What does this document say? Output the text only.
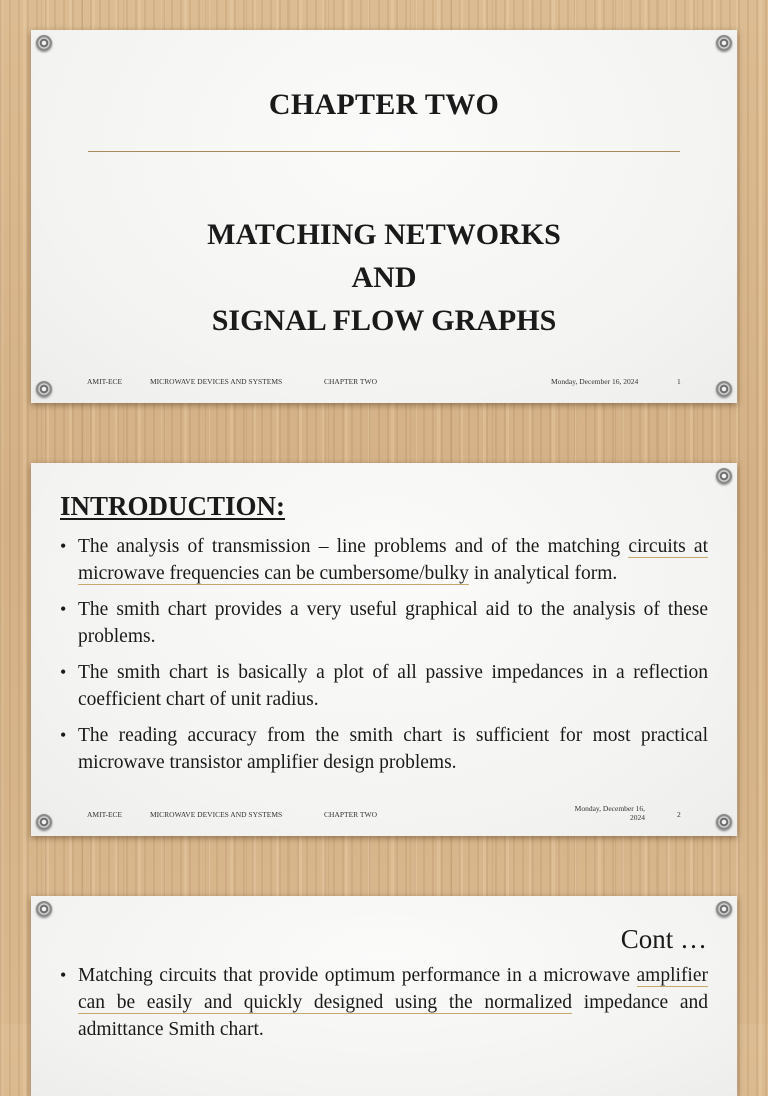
CHAPTER TWO
MATCHING NETWORKS
AND
SIGNAL FLOW GRAPHS
AMIT-ECE	MICROWAVE DEVICES AND SYSTEMS	CHAPTER TWO	Monday, December 16, 2024	1
INTRODUCTION:
• The analysis of transmission – line problems and of the matching circuits at microwave frequencies can be cumbersome/bulky in analytical form.
• The smith chart provides a very useful graphical aid to the analysis of these problems.
• The smith chart is basically a plot of all passive impedances in a reflection coefficient chart of unit radius.
• The reading accuracy from the smith chart is sufficient for most practical microwave transistor amplifier design problems.
AMIT-ECE	MICROWAVE DEVICES AND SYSTEMS	CHAPTER TWO
Monday, December 16, 2024	2
Cont …
• Matching circuits that provide optimum performance in a microwave amplifier can be easily and quickly designed using the normalized impedance and admittance Smith chart.
